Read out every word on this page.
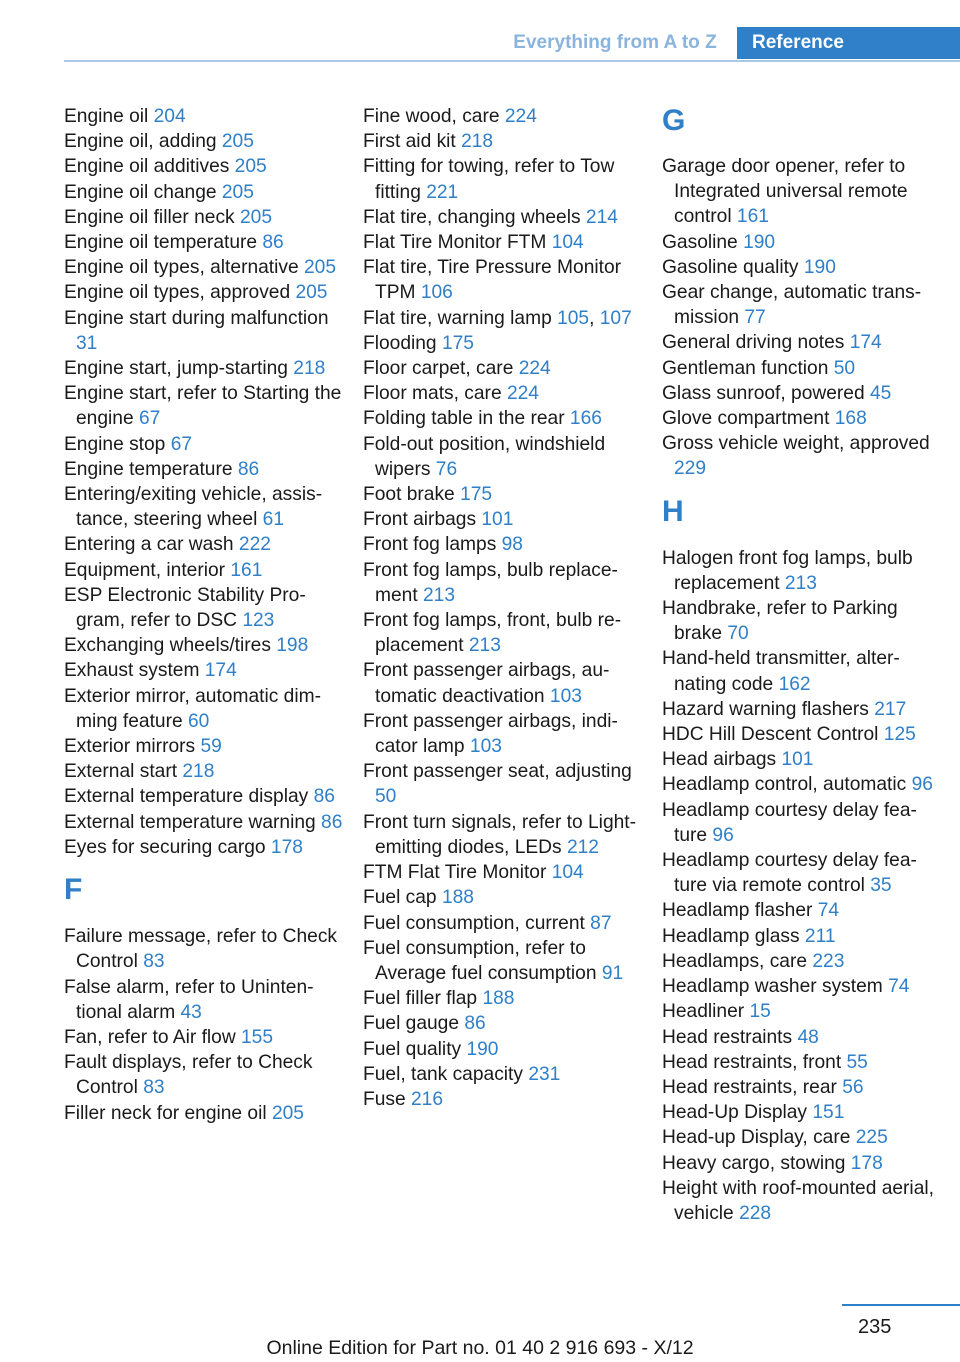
Everything from A to Z	Reference
Engine oil 204
Engine oil, adding 205
Engine oil additives 205
Engine oil change 205
Engine oil filler neck 205
Engine oil temperature 86
Engine oil types, alternative 205
Engine oil types, approved 205
Engine start during malfunction 31
Engine start, jump-starting 218
Engine start, refer to Starting the engine 67
Engine stop 67
Engine temperature 86
Entering/exiting vehicle, assistance, steering wheel 61
Entering a car wash 222
Equipment, interior 161
ESP Electronic Stability Program, refer to DSC 123
Exchanging wheels/tires 198
Exhaust system 174
Exterior mirror, automatic dimming feature 60
Exterior mirrors 59
External start 218
External temperature display 86
External temperature warning 86
Eyes for securing cargo 178
F
Failure message, refer to Check Control 83
False alarm, refer to Unintentional alarm 43
Fan, refer to Air flow 155
Fault displays, refer to Check Control 83
Filler neck for engine oil 205
Fine wood, care 224
First aid kit 218
Fitting for towing, refer to Tow fitting 221
Flat tire, changing wheels 214
Flat Tire Monitor FTM 104
Flat tire, Tire Pressure Monitor TPM 106
Flat tire, warning lamp 105, 107
Flooding 175
Floor carpet, care 224
Floor mats, care 224
Folding table in the rear 166
Fold-out position, windshield wipers 76
Foot brake 175
Front airbags 101
Front fog lamps 98
Front fog lamps, bulb replacement 213
Front fog lamps, front, bulb replacement 213
Front passenger airbags, automatic deactivation 103
Front passenger airbags, indicator lamp 103
Front passenger seat, adjusting 50
Front turn signals, refer to Light-emitting diodes, LEDs 212
FTM Flat Tire Monitor 104
Fuel cap 188
Fuel consumption, current 87
Fuel consumption, refer to Average fuel consumption 91
Fuel filler flap 188
Fuel gauge 86
Fuel quality 190
Fuel, tank capacity 231
Fuse 216
G
Garage door opener, refer to Integrated universal remote control 161
Gasoline 190
Gasoline quality 190
Gear change, automatic transmission 77
General driving notes 174
Gentleman function 50
Glass sunroof, powered 45
Glove compartment 168
Gross vehicle weight, approved 229
H
Halogen front fog lamps, bulb replacement 213
Handbrake, refer to Parking brake 70
Hand-held transmitter, alternating code 162
Hazard warning flashers 217
HDC Hill Descent Control 125
Head airbags 101
Headlamp control, automatic 96
Headlamp courtesy delay feature 96
Headlamp courtesy delay feature via remote control 35
Headlamp flasher 74
Headlamp glass 211
Headlamps, care 223
Headlamp washer system 74
Headliner 15
Head restraints 48
Head restraints, front 55
Head restraints, rear 56
Head-Up Display 151
Head-up Display, care 225
Heavy cargo, stowing 178
Height with roof-mounted aerial, vehicle 228
235
Online Edition for Part no. 01 40 2 916 693 - X/12
